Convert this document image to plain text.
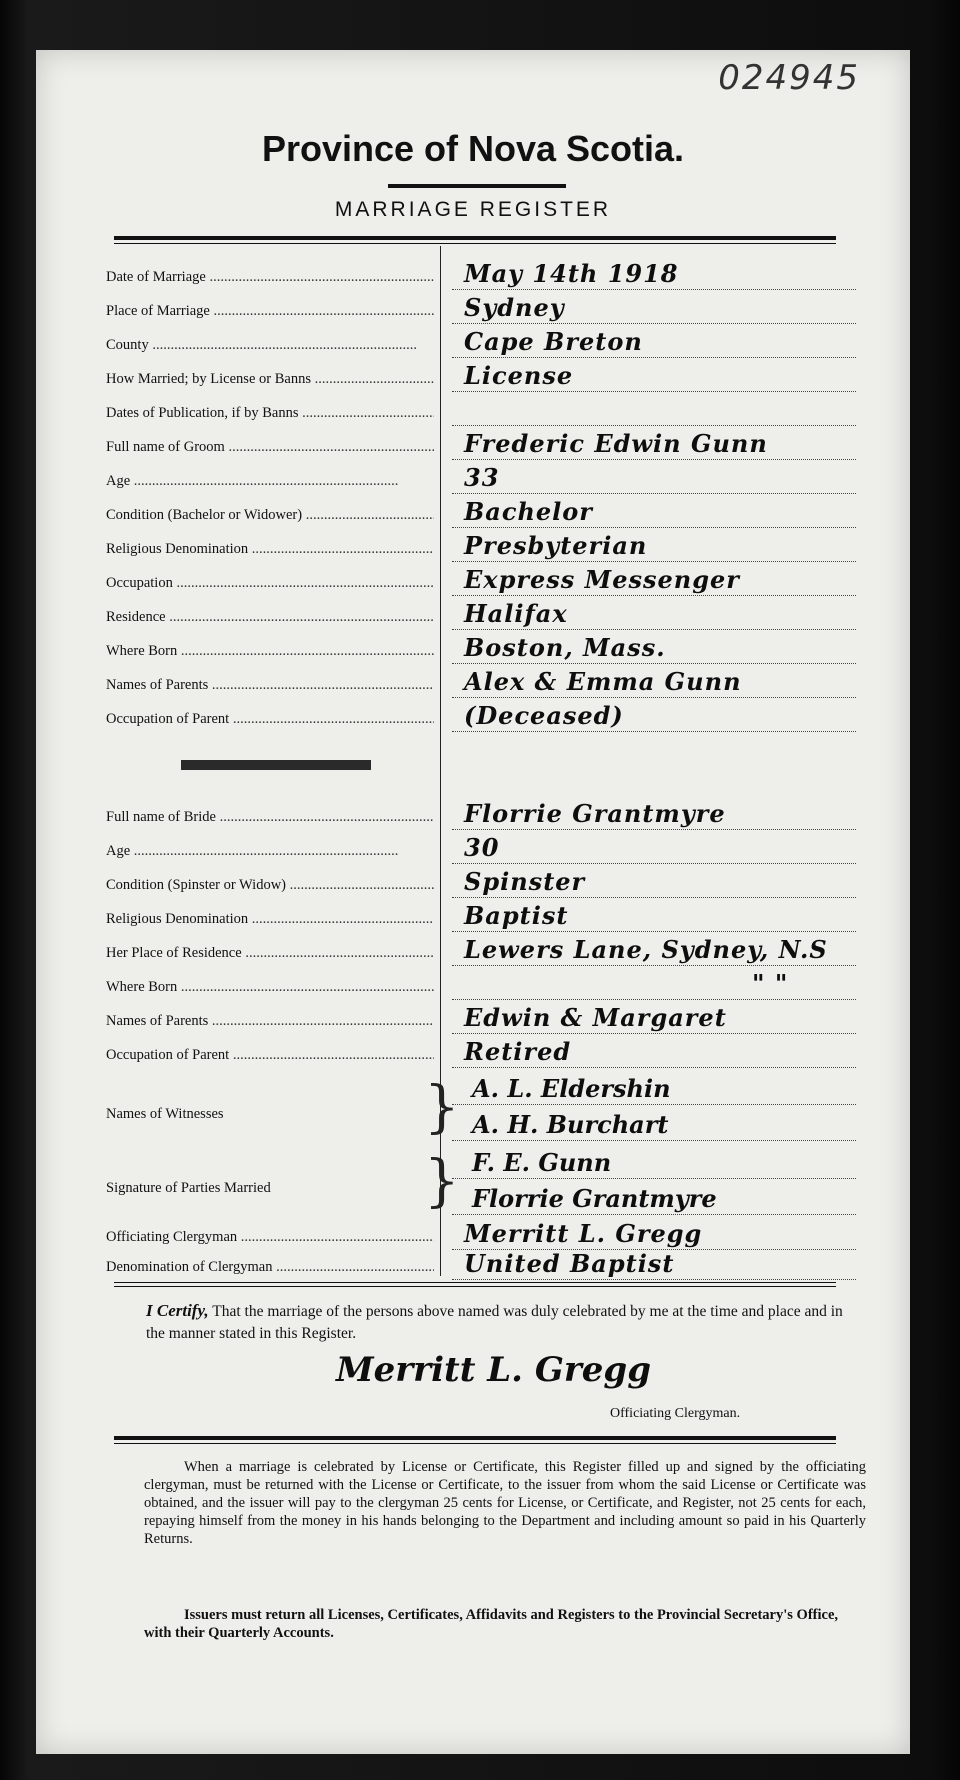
024945
Province of Nova Scotia.
MARRIAGE REGISTER
Date of Marriage .....	May 14th 1918
Place of Marriage .....	Sydney
County .....	Cape Breton
How Married; by License or Banns .....	License
Dates of Publication, if by Banns .....
Full name of Groom .....	Frederic Edwin Gunn
Age .....	33
Condition (Bachelor or Widower) .....	Bachelor
Religious Denomination .....	Presbyterian
Occupation .....	Express Messenger
Residence .....	Halifax
Where Born .....	Boston, Mass.
Names of Parents .....	Alex & Emma Gunn
Occupation of Parent .....	(Deceased)
Full name of Bride .....	Florrie Grantmyre
Age .....	30
Condition (Spinster or Widow) .....	Spinster
Religious Denomination .....	Baptist
Her Place of Residence .....	Lewers Lane, Sydney, N.S
Where Born .....	" "
Names of Parents .....	Edwin & Margaret
Occupation of Parent .....	Retired
Names of Witnesses	} A. L. Eldershin
A. H. Burchart
Signature of Parties Married	} F. E. Gunn
Florrie Grantmyre
Officiating Clergyman .....	Merritt L. Gregg
Denomination of Clergyman .....	United Baptist
I Certify, That the marriage of the persons above named was duly celebrated by me at the time and place and in the manner stated in this Register.
Merritt L. Gregg
Officiating Clergyman.
When a marriage is celebrated by License or Certificate, this Register filled up and signed by the officiating clergyman, must be returned with the License or Certificate, to the issuer from whom the said License or Certificate was obtained, and the issuer will pay to the clergyman 25 cents for License, or Certificate, and Register, not 25 cents for each, repaying himself from the money in his hands belonging to the Department and including amount so paid in his Quarterly Returns.
Issuers must return all Licenses, Certificates, Affidavits and Registers to the Provincial Secretary's Office, with their Quarterly Accounts.
